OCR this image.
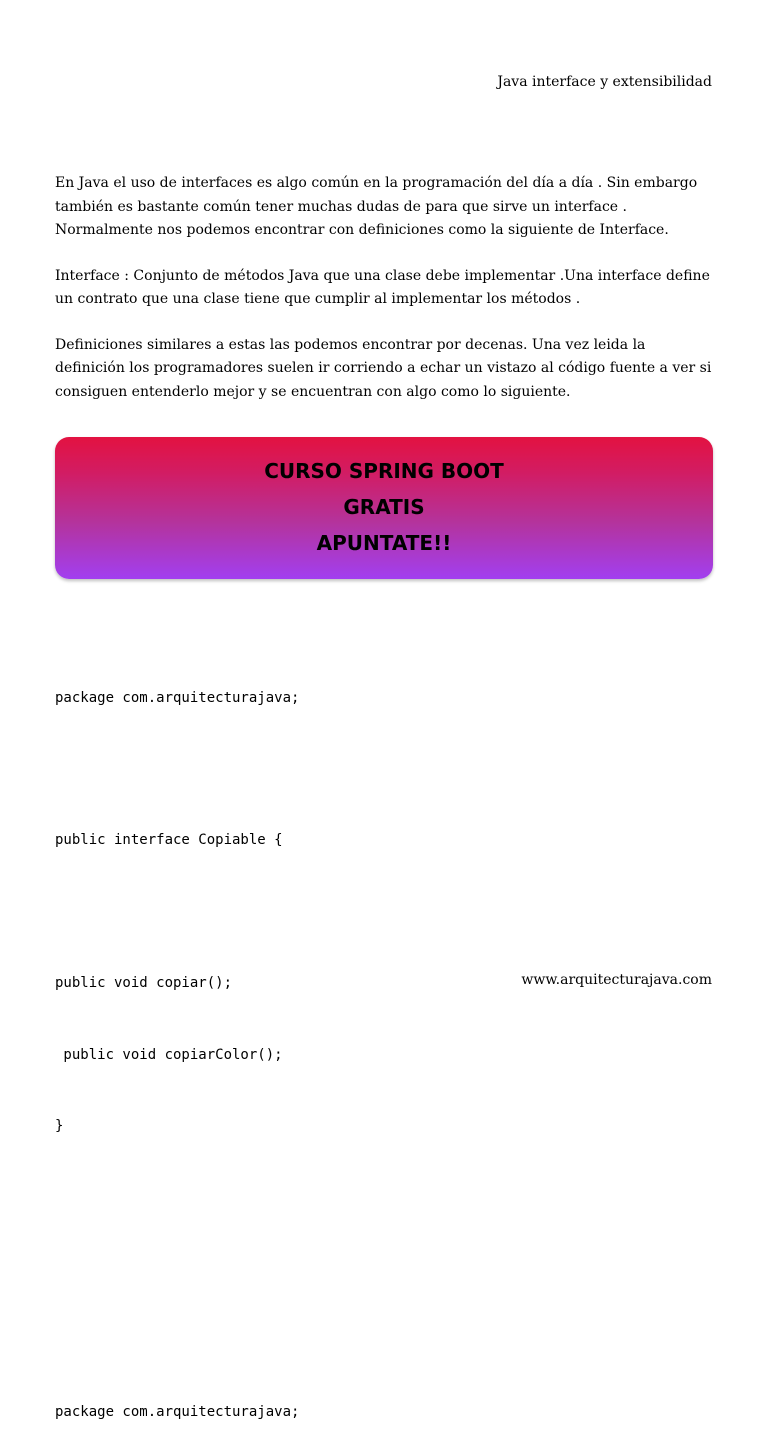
Java interface y extensibilidad

En Java el uso de interfaces es algo común en la programación del día a día . Sin embargo
también es bastante común tener muchas dudas de para que sirve un interface .
Normalmente nos podemos encontrar con definiciones como la siguiente de Interface.

Interface : Conjunto de métodos Java que una clase debe implementar .Una interface define
un contrato que una clase tiene que cumplir al implementar los métodos .

Definiciones similares a estas las podemos encontrar por decenas. Una vez leida la
definición los programadores suelen ir corriendo a echar un vistazo al código fuente a ver si
consiguen entenderlo mejor y se encuentran con algo como lo siguiente.

CURSO SPRING BOOT
GRATIS
APUNTATE!!

package com.arquitecturajava;

public interface Copiable {

public void copiar();

public void copiarColor();

}

package com.arquitecturajava;

www.arquitecturajava.com
